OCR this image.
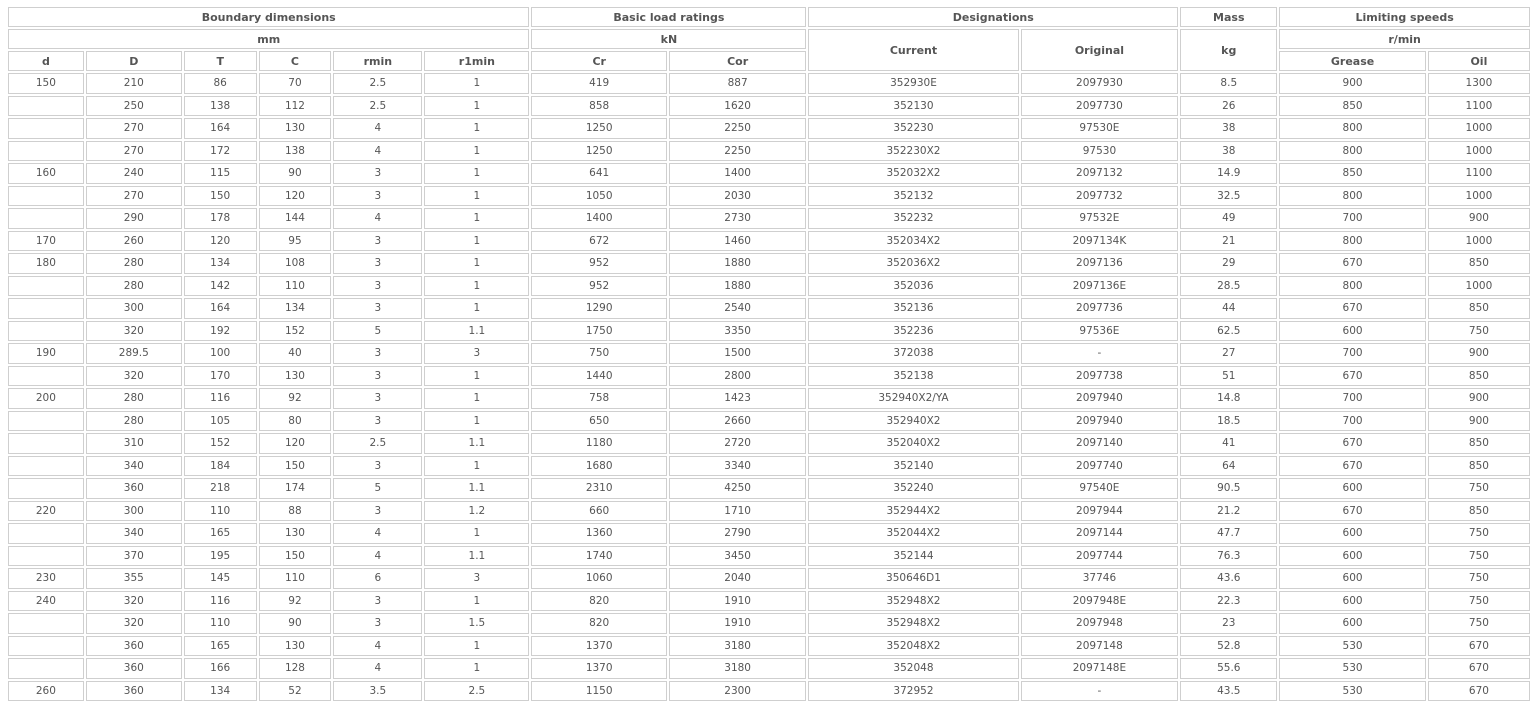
Boundary dimensions						Basic load ratings		Designations		Mass	Limiting speeds	
mm						kN		Current	Original	kg	r/min	
d	D	T	C	rmin	r1min	Cr	Cor				Grease	Oil
150	210	86	70	2.5	1	419	887	352930E	2097930	8.5	900	1300
	250	138	112	2.5	1	858	1620	352130	2097730	26	850	1100
	270	164	130	4	1	1250	2250	352230	97530E	38	800	1000
	270	172	138	4	1	1250	2250	352230X2	97530	38	800	1000
160	240	115	90	3	1	641	1400	352032X2	2097132	14.9	850	1100
	270	150	120	3	1	1050	2030	352132	2097732	32.5	800	1000
	290	178	144	4	1	1400	2730	352232	97532E	49	700	900
170	260	120	95	3	1	672	1460	352034X2	2097134K	21	800	1000
180	280	134	108	3	1	952	1880	352036X2	2097136	29	670	850
	280	142	110	3	1	952	1880	352036	2097136E	28.5	800	1000
	300	164	134	3	1	1290	2540	352136	2097736	44	670	850
	320	192	152	5	1.1	1750	3350	352236	97536E	62.5	600	750
190	289.5	100	40	3	3	750	1500	372038	-	27	700	900
	320	170	130	3	1	1440	2800	352138	2097738	51	670	850
200	280	116	92	3	1	758	1423	352940X2/YA	2097940	14.8	700	900
	280	105	80	3	1	650	2660	352940X2	2097940	18.5	700	900
	310	152	120	2.5	1.1	1180	2720	352040X2	2097140	41	670	850
	340	184	150	3	1	1680	3340	352140	2097740	64	670	850
	360	218	174	5	1.1	2310	4250	352240	97540E	90.5	600	750
220	300	110	88	3	1.2	660	1710	352944X2	2097944	21.2	670	850
	340	165	130	4	1	1360	2790	352044X2	2097144	47.7	600	750
	370	195	150	4	1.1	1740	3450	352144	2097744	76.3	600	750
230	355	145	110	6	3	1060	2040	350646D1	37746	43.6	600	750
240	320	116	92	3	1	820	1910	352948X2	2097948E	22.3	600	750
	320	110	90	3	1.5	820	1910	352948X2	2097948	23	600	750
	360	165	130	4	1	1370	3180	352048X2	2097148	52.8	530	670
	360	166	128	4	1	1370	3180	352048	2097148E	55.6	530	670
260	360	134	52	3.5	2.5	1150	2300	372952	-	43.5	530	670
